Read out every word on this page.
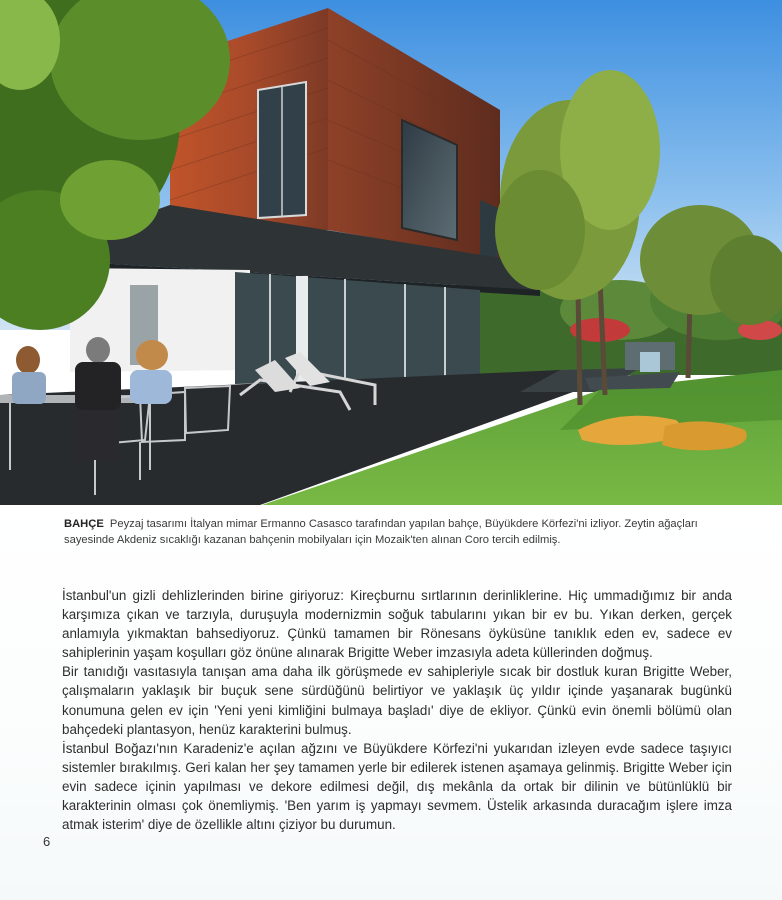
BAHÇE Peyzaj tasarımı İtalyan mimar Ermanno Casasco tarafından yapılan bahçe, Büyükdere Körfezi'ni izliyor. Zeytin ağaçları sayesinde Akdeniz sıcaklığı kazanan bahçenin mobilyaları için Mozaik'ten alınan Coro tercih edilmiş.

İstanbul'un gizli dehlizlerinden birine giriyoruz: Kireçburnu sırtlarının derinliklerine. Hiç ummadığımız bir anda karşımıza çıkan ve tarzıyla, duruşuyla modernizmin soğuk tabularını yıkan bir ev bu. Yıkan derken, gerçek anlamıyla yıkmaktan bahsediyoruz. Çünkü tamamen bir Rönesans öyküsüne tanıklık eden ev, sadece ev sahiplerinin yaşam koşulları göz önüne alınarak Brigitte Weber imzasıyla adeta küllerinden doğmuş.

Bir tanıdığı vasıtasıyla tanışan ama daha ilk görüşmede ev sahipleriyle sıcak bir dostluk kuran Brigitte Weber, çalışmaların yaklaşık bir buçuk sene sürdüğünü belirtiyor ve yaklaşık üç yıldır içinde yaşanarak bugünkü konumuna gelen ev için 'Yeni yeni kimliğini bulmaya başladı' diye de ekliyor. Çünkü evin önemli bölümü olan bahçedeki plantasyon, henüz karakterini bulmuş.

İstanbul Boğazı'nın Karadeniz'e açılan ağzını ve Büyükdere Körfezi'ni yukarıdan izleyen evde sadece taşıyıcı sistemler bırakılmış. Geri kalan her şey tamamen yerle bir edilerek istenen aşamaya gelinmiş. Brigitte Weber için evin sadece içinin yapılması ve dekore edilmesi değil, dış mekânla da ortak bir dilinin ve bütünlüklü bir karakterinin olması çok önemliymiş. 'Ben yarım iş yapmayı sevmem. Üstelik arkasında duracağım işlere imza atmak isterim' diye de özellikle altını çiziyor bu durumun.

6
